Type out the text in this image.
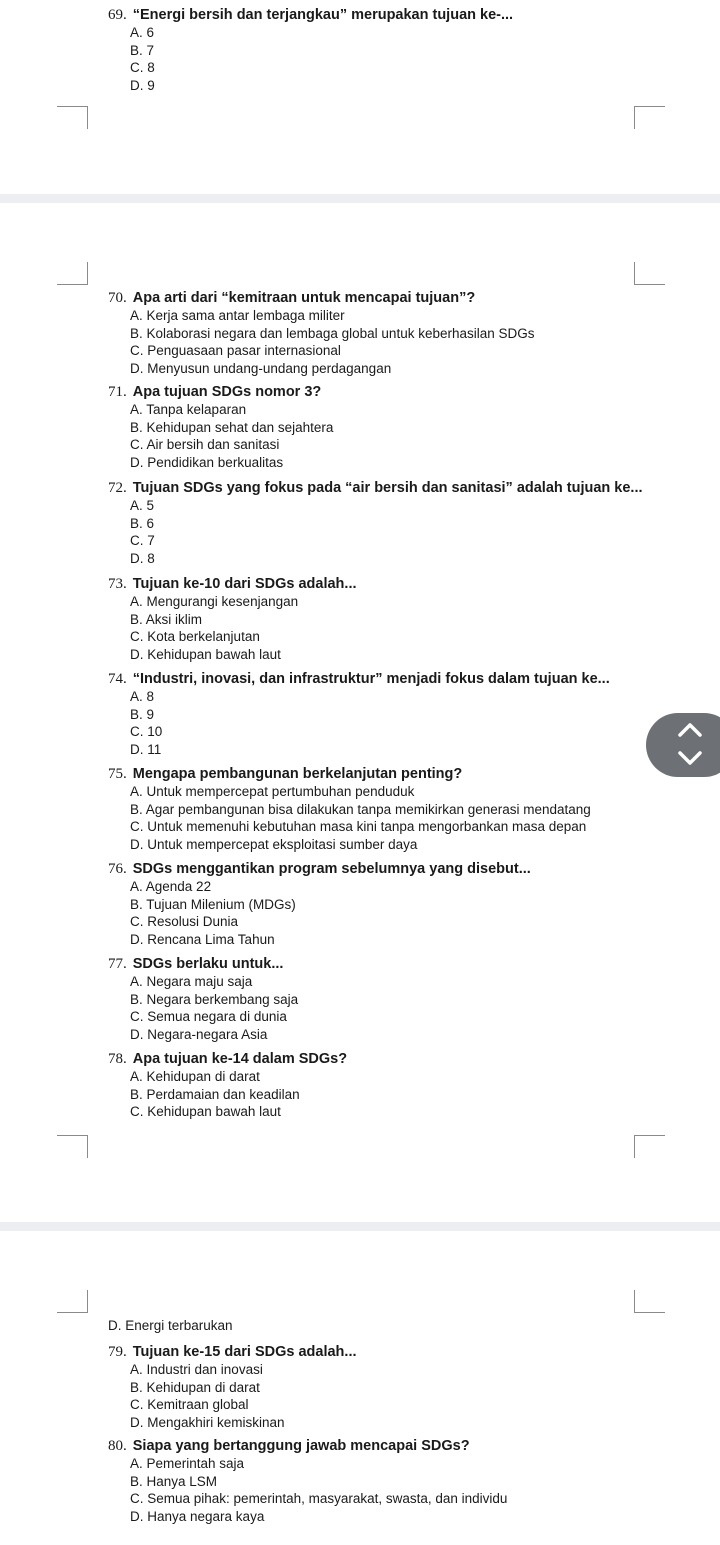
69. “Energi bersih dan terjangkau” merupakan tujuan ke-...
A. 6
B. 7
C. 8
D. 9
70. Apa arti dari “kemitraan untuk mencapai tujuan”?
A. Kerja sama antar lembaga militer
B. Kolaborasi negara dan lembaga global untuk keberhasilan SDGs
C. Penguasaan pasar internasional
D. Menyusun undang-undang perdagangan
71. Apa tujuan SDGs nomor 3?
A. Tanpa kelaparan
B. Kehidupan sehat dan sejahtera
C. Air bersih dan sanitasi
D. Pendidikan berkualitas
72. Tujuan SDGs yang fokus pada “air bersih dan sanitasi” adalah tujuan ke...
A. 5
B. 6
C. 7
D. 8
73. Tujuan ke-10 dari SDGs adalah...
A. Mengurangi kesenjangan
B. Aksi iklim
C. Kota berkelanjutan
D. Kehidupan bawah laut
74. “Industri, inovasi, dan infrastruktur” menjadi fokus dalam tujuan ke...
A. 8
B. 9
C. 10
D. 11
75. Mengapa pembangunan berkelanjutan penting?
A. Untuk mempercepat pertumbuhan penduduk
B. Agar pembangunan bisa dilakukan tanpa memikirkan generasi mendatang
C. Untuk memenuhi kebutuhan masa kini tanpa mengorbankan masa depan
D. Untuk mempercepat eksploitasi sumber daya
76. SDGs menggantikan program sebelumnya yang disebut...
A. Agenda 22
B. Tujuan Milenium (MDGs)
C. Resolusi Dunia
D. Rencana Lima Tahun
77. SDGs berlaku untuk...
A. Negara maju saja
B. Negara berkembang saja
C. Semua negara di dunia
D. Negara-negara Asia
78. Apa tujuan ke-14 dalam SDGs?
A. Kehidupan di darat
B. Perdamaian dan keadilan
C. Kehidupan bawah laut
D. Energi terbarukan
79. Tujuan ke-15 dari SDGs adalah...
A. Industri dan inovasi
B. Kehidupan di darat
C. Kemitraan global
D. Mengakhiri kemiskinan
80. Siapa yang bertanggung jawab mencapai SDGs?
A. Pemerintah saja
B. Hanya LSM
C. Semua pihak: pemerintah, masyarakat, swasta, dan individu
D. Hanya negara kaya
